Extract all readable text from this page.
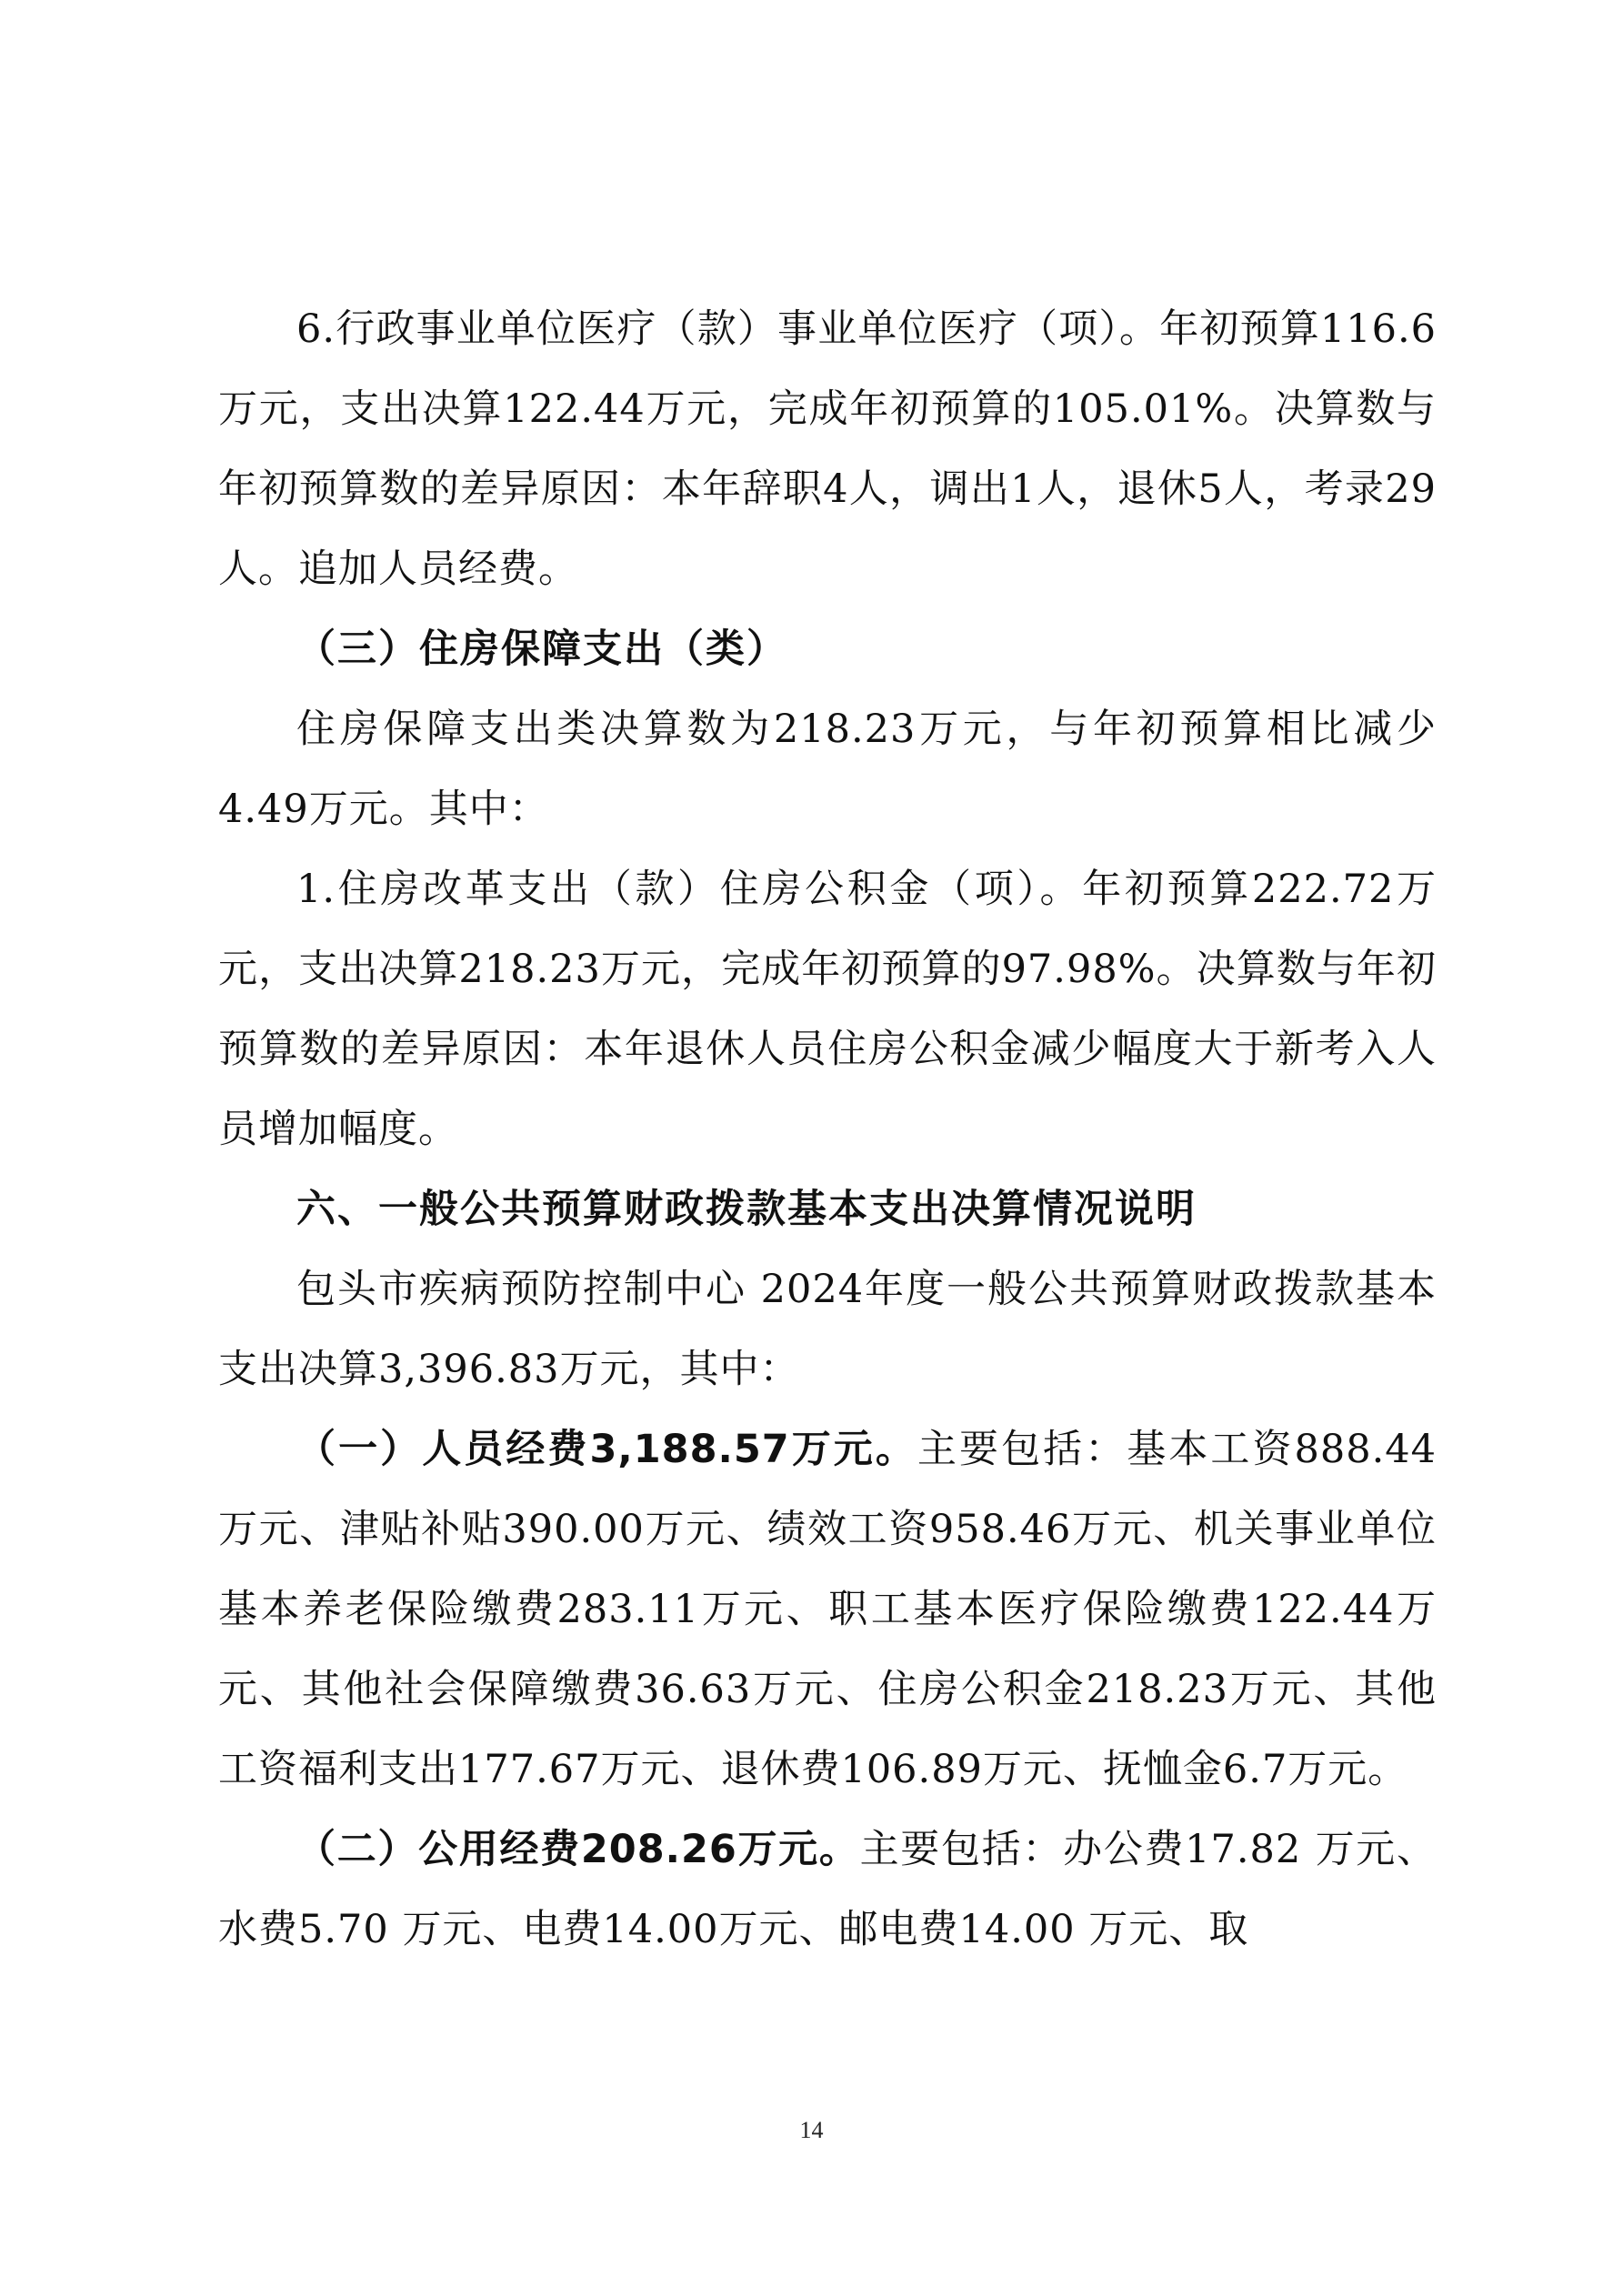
6.行政事业单位医疗（款）事业单位医疗（项）。年初预算116.6万元，支出决算122.44万元，完成年初预算的105.01%。决算数与年初预算数的差异原因：本年辞职4人，调出1人，退休5人，考录29人。追加人员经费。

（三）住房保障支出（类）

住房保障支出类决算数为218.23万元，与年初预算相比减少4.49万元。其中：

1.住房改革支出（款）住房公积金（项）。年初预算222.72万元，支出决算218.23万元，完成年初预算的97.98%。决算数与年初预算数的差异原因：本年退休人员住房公积金减少幅度大于新考入人员增加幅度。

六、一般公共预算财政拨款基本支出决算情况说明

包头市疾病预防控制中心 2024年度一般公共预算财政拨款基本支出决算3,396.83万元，其中：

（一）人员经费3,188.57万元。主要包括：基本工资888.44万元、津贴补贴390.00万元、绩效工资958.46万元、机关事业单位基本养老保险缴费283.11万元、职工基本医疗保险缴费122.44万元、其他社会保障缴费36.63万元、住房公积金218.23万元、其他工资福利支出177.67万元、退休费106.89万元、抚恤金6.7万元。

（二）公用经费208.26万元。主要包括：办公费17.82 万元、水费5.70 万元、电费14.00万元、邮电费14.00 万元、取

14
